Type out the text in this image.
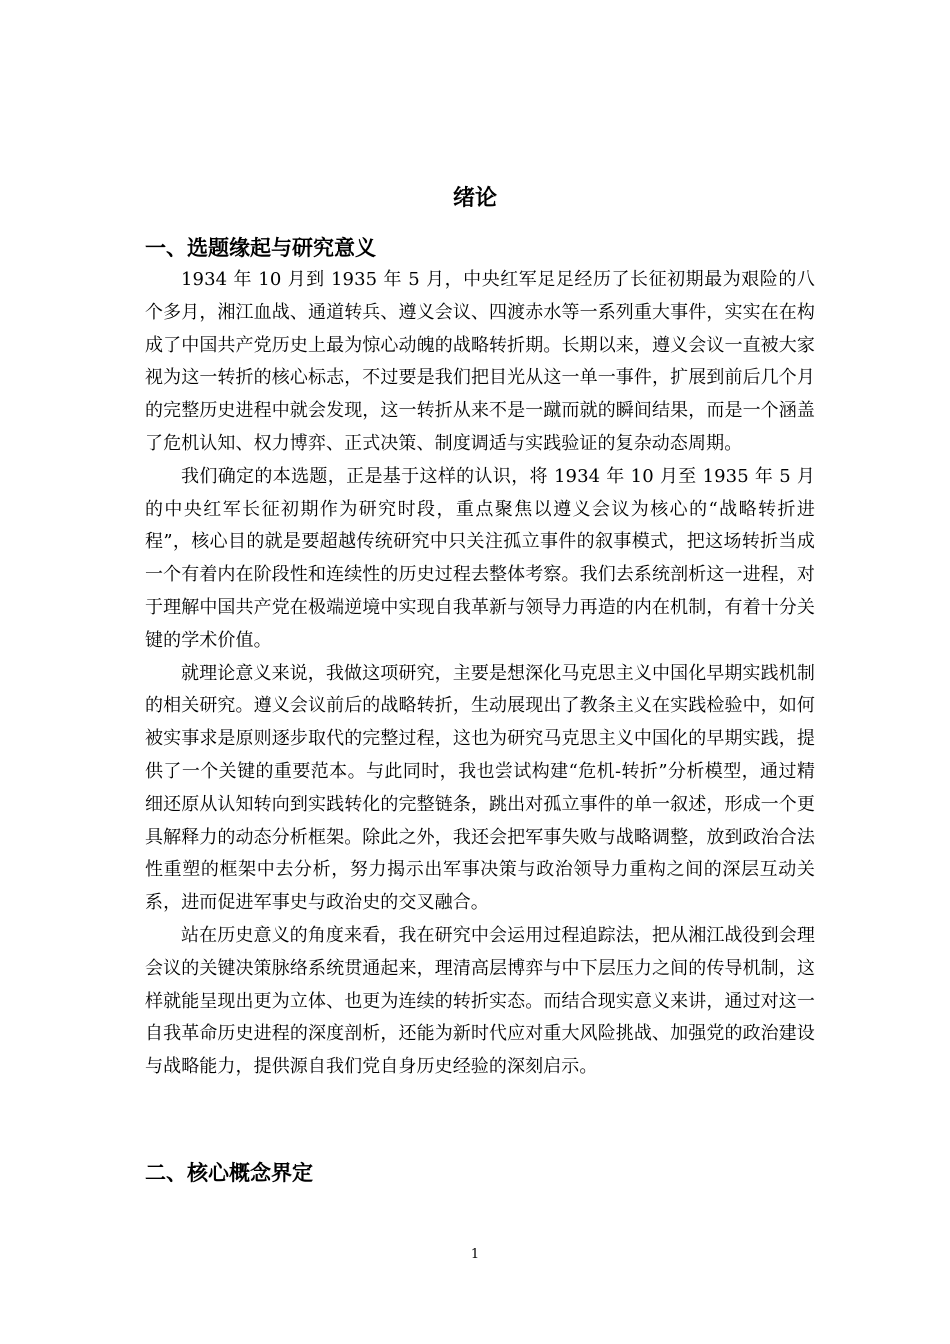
绪论
一、选题缘起与研究意义

1934 年 10 月到 1935 年 5 月，中央红军足足经历了长征初期最为艰险的八个多月，湘江血战、通道转兵、遵义会议、四渡赤水等一系列重大事件，实实在在构成了中国共产党历史上最为惊心动魄的战略转折期。长期以来，遵义会议一直被大家视为这一转折的核心标志，不过要是我们把目光从这一单一事件，扩展到前后几个月的完整历史进程中就会发现，这一转折从来不是一蹴而就的瞬间结果，而是一个涵盖了危机认知、权力博弈、正式决策、制度调适与实践验证的复杂动态周期。

我们确定的本选题，正是基于这样的认识，将 1934 年 10 月至 1935 年 5 月的中央红军长征初期作为研究时段，重点聚焦以遵义会议为核心的“战略转折进程”，核心目的就是要超越传统研究中只关注孤立事件的叙事模式，把这场转折当成一个有着内在阶段性和连续性的历史过程去整体考察。我们去系统剖析这一进程，对于理解中国共产党在极端逆境中实现自我革新与领导力再造的内在机制，有着十分关键的学术价值。

就理论意义来说，我做这项研究，主要是想深化马克思主义中国化早期实践机制的相关研究。遵义会议前后的战略转折，生动展现出了教条主义在实践检验中，如何被实事求是原则逐步取代的完整过程，这也为研究马克思主义中国化的早期实践，提供了一个关键的重要范本。与此同时，我也尝试构建“危机-转折”分析模型，通过精细还原从认知转向到实践转化的完整链条，跳出对孤立事件的单一叙述，形成一个更具解释力的动态分析框架。除此之外，我还会把军事失败与战略调整，放到政治合法性重塑的框架中去分析，努力揭示出军事决策与政治领导力重构之间的深层互动关系，进而促进军事史与政治史的交叉融合。

站在历史意义的角度来看，我在研究中会运用过程追踪法，把从湘江战役到会理会议的关键决策脉络系统贯通起来，理清高层博弈与中下层压力之间的传导机制，这样就能呈现出更为立体、也更为连续的转折实态。而结合现实意义来讲，通过对这一自我革命历史进程的深度剖析，还能为新时代应对重大风险挑战、加强党的政治建设与战略能力，提供源自我们党自身历史经验的深刻启示。

二、核心概念界定
1
